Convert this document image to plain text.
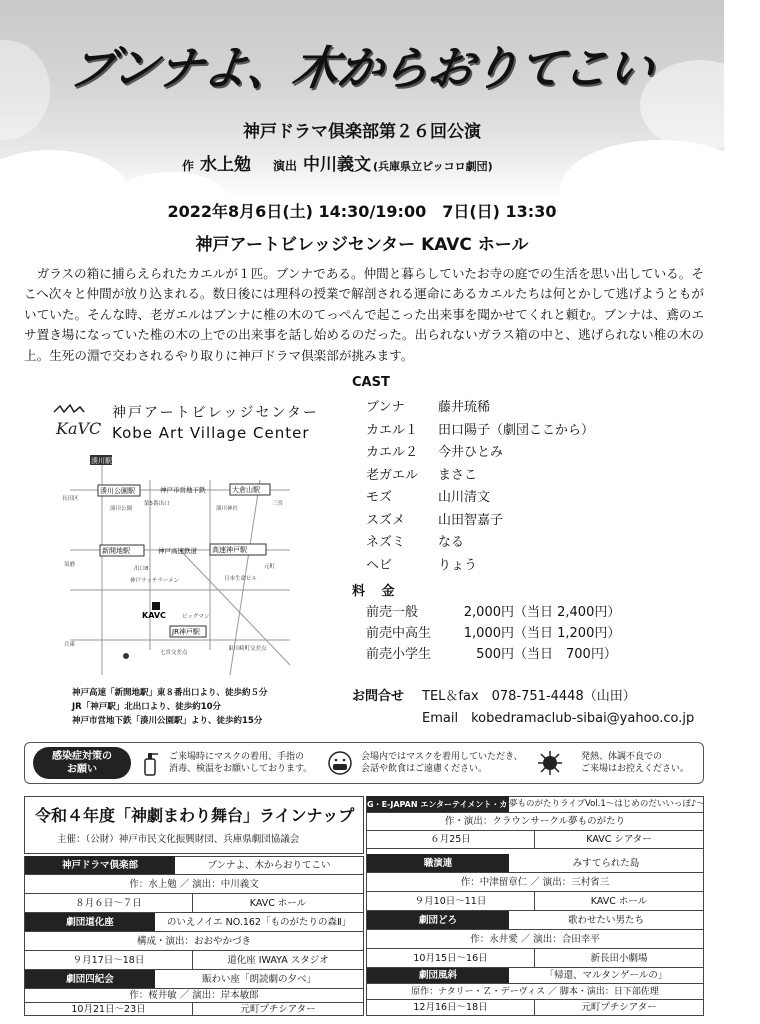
ブンナよ、木からおりてこい
神戸ドラマ倶楽部第２６回公演
作 水上勉 演出 中川義文 (兵庫県立ピッコロ劇団)
2022年8月6日(土) 14:30/19:00　7日(日) 13:30
神戸アートビレッジセンター KAVC ホール
　ガラスの箱に捕らえられたカエルが１匹。ブンナである。仲間と暮らしていたお寺の庭での生活を思い出している。そこへ次々と仲間が放り込まれる。数日後には理科の授業で解剖される運命にあるカエルたちは何とかして逃げようともがいていた。そんな時、老ガエルはブンナに椎の木のてっぺんで起こった出来事を聞かせてくれと頼む。ブンナは、鳶のエサ置き場になっていた椎の木の上での出来事を話し始めるのだった。出られないガラス箱の中と、逃げられない椎の木の上。生死の淵で交わされるやり取りに神戸ドラマ倶楽部が挑みます。
KaVC
神戸アートビレッジセンター
Kobe Art Village Center
湊川駅
湊川公園駅	神戸市営地下鉄	大倉山駅
新開地駅	神戸高速鉄道 高速神戸駅
JR神戸駅
KAVC
湊川神社
長田区
三宮
須磨
湊川公園
第5番出口
出口8
神戸ラッチラーメン	日本生命ビル
ビッグマン
七宮交差点
東川崎町交差点
兵庫
元町
神戸高速「新開地駅」東８番出口より、徒歩約５分
JR「神戸駅」北出口より、徒歩約10分
神戸市営地下鉄「湊川公園駅」より、徒歩約15分
CAST
ブンナ	藤井琉稀
カエル１	田口陽子（劇団ここから）
カエル２	今井ひとみ
老ガエル	まさこ
モズ	山川清文
スズメ	山田智嘉子
ネズミ	なる
ヘビ	りょう
料 金
前売一般	2,000円 （当日 2,400円）
前売中高生	1,000円 （当日 1,200円）
前売小学生	500円 （当日　700円）
お問合せ TEL＆fax　078-751-4448（山田）
Email　kobedramaclub-sibai@yahoo.co.jp
感染症対策の
お願い
ご来場時にマスクの着用、手指の
消毒、検温をお願いしております。
会場内ではマスクを着用していただき、
会話や飲食はご遠慮ください。
発熱、体調不良での
ご来場はお控えください。
令和４年度「神劇まわり舞台」ラインナップ
主催：（公財）神戸市民文化振興財団、兵庫県劇団協議会
神戸ドラマ倶楽部	ブンナよ、木からおりてこい
作：水上勉 ／ 演出：中川義文
８月６日～７日	KAVC ホール
劇団道化座	のいえノイエ NO.162「ものがたりの森Ⅱ」
構成・演出：おおやかづき
９月17日～18日	道化座 IWAYA スタジオ
劇団四紀会	賑わい座「朗読劇の夕べ」
作：桜井敏 ／ 演出：岸本敏郎
10月21日～23日	元町プチシアター
G・E-JAPAN エンターテイメント・カレッジ
夢ものがたりライブVol.1～はじめのだいいっぽ♪～
作・演出：クラウンサークル夢ものがたり
６月25日	KAVC シアター
職演連	みすてられた島
作：中津留章仁 ／ 演出：三村省三
９月10日～11日	KAVC ホール
劇団どろ	歌わせたい男たち
作：永井愛 ／ 演出：合田幸平
10月15日～16日	新長田小劇場
劇団風斜	「帰還、マルタンゲールの」
原作：ナタリー・Ｚ・デーヴィス ／ 脚本・演出：日下部佐理
12月16日～18日	元町プチシアター
